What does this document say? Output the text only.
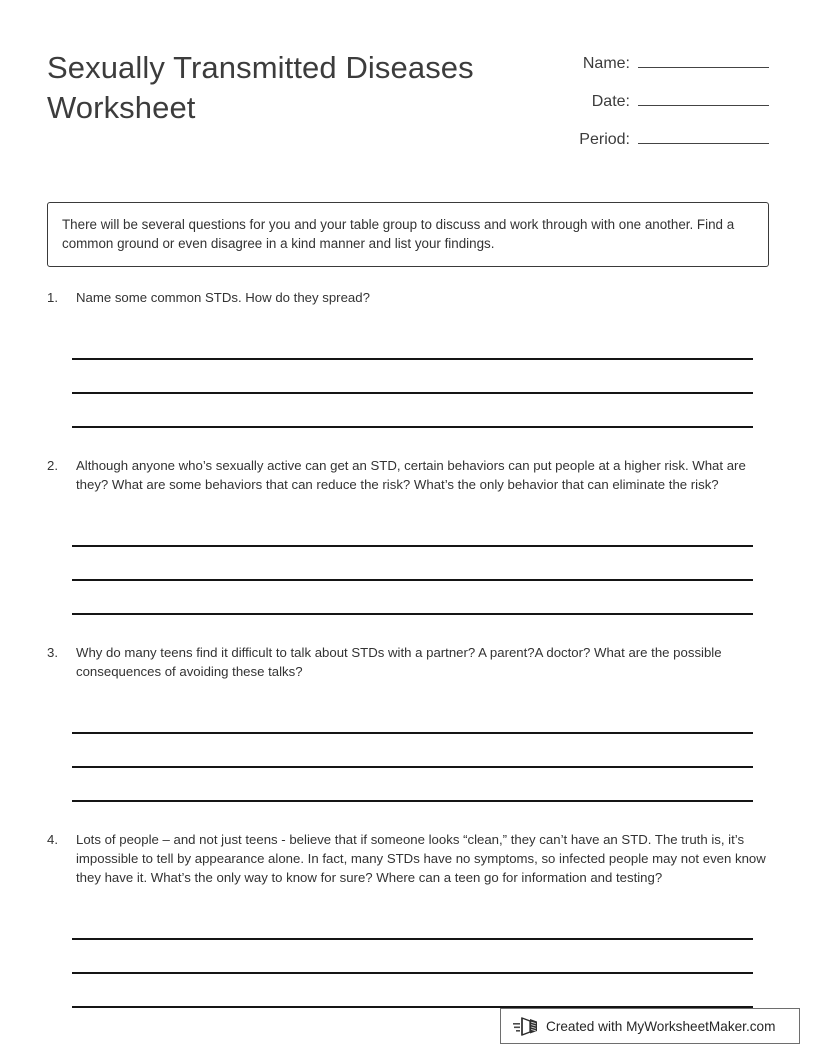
Sexually Transmitted Diseases Worksheet
Name:
Date:
Period:
There will be several questions for you and your table group to discuss and work through with one another. Find a common ground or even disagree in a kind manner and list your findings.
1.	Name some common STDs. How do they spread?
2.	Although anyone who’s sexually active can get an STD, certain behaviors can put people at a higher risk. What are they? What are some behaviors that can reduce the risk? What’s the only behavior that can eliminate the risk?
3.	Why do many teens find it difficult to talk about STDs with a partner? A parent?A doctor? What are the possible consequences of avoiding these talks?
4.	Lots of people – and not just teens - believe that if someone looks “clean,” they can’t have an STD. The truth is, it’s impossible to tell by appearance alone. In fact, many STDs have no symptoms, so infected people may not even know they have it. What’s the only way to know for sure? Where can a teen go for information and testing?
Created with MyWorksheetMaker.com
